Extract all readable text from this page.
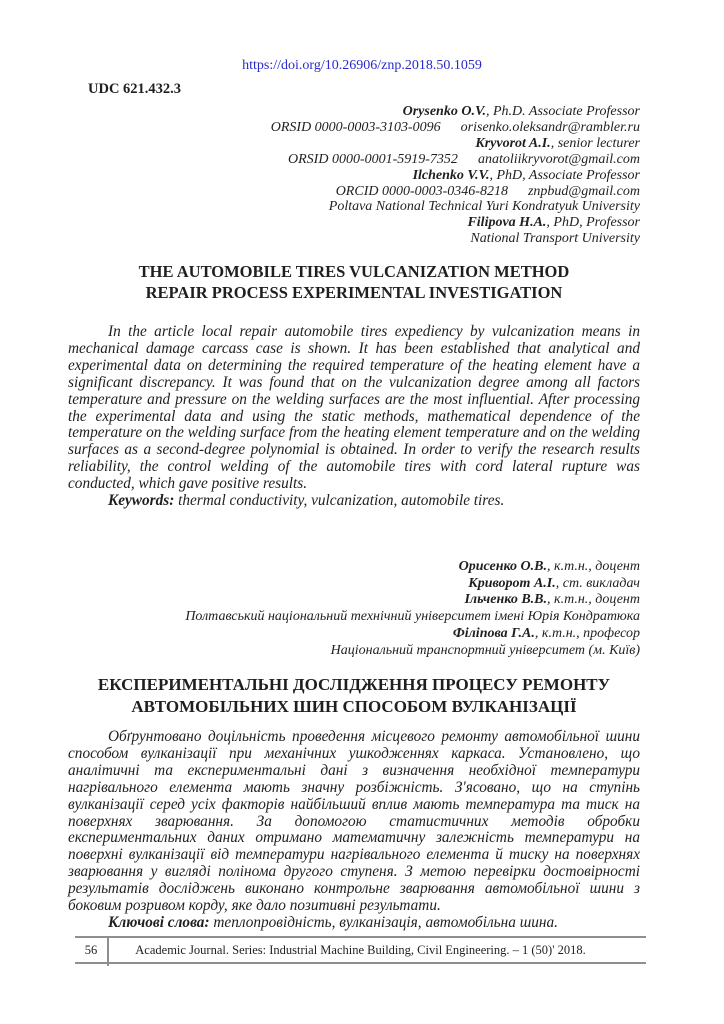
https://doi.org/10.26906/znp.2018.50.1059
UDC 621.432.3
Orysenko O.V., Ph.D. Associate Professor
ORSID 0000-0003-3103-0096 orisenko.oleksandr@rambler.ru
Kryvorot A.I., senior lecturer
ORSID 0000-0001-5919-7352 anatoliikryvorot@gmail.com
Ilchenko V.V., PhD, Associate Professor
ORCID 0000-0003-0346-8218 znpbud@gmail.com
Poltava National Technical Yuri Kondratyuk University
Filipova H.A., PhD, Professor
National Transport University
THE AUTOMOBILE TIRES VULCANIZATION METHOD
REPAIR PROCESS EXPERIMENTAL INVESTIGATION

In the article local repair automobile tires expediency by vulcanization means in mechanical damage carcass case is shown. It has been established that analytical and experimental data on determining the required temperature of the heating element have a significant discrepancy. It was found that on the vulcanization degree among all factors temperature and pressure on the welding surfaces are the most influential. After processing the experimental data and using the static methods, mathematical dependence of the temperature on the welding surface from the heating element temperature and on the welding surfaces as a second-degree polynomial is obtained. In order to verify the research results reliability, the control welding of the automobile tires with cord lateral rupture was conducted, which gave positive results.

Keywords: thermal conductivity, vulcanization, automobile tires.

Орисенко О.В., к.т.н., доцент
Криворот А.І., ст. викладач
Ільченко В.В., к.т.н., доцент
Полтавський національний технічний університет імені Юрія Кондратюка
Філіпова Г.А., к.т.н., професор
Національний транспортний університет (м. Київ)
ЕКСПЕРИМЕНТАЛЬНІ ДОСЛІДЖЕННЯ ПРОЦЕСУ РЕМОНТУ
АВТОМОБІЛЬНИХ ШИН СПОСОБОМ ВУЛКАНІЗАЦІЇ

Обґрунтовано доцільність проведення місцевого ремонту автомобільної шини способом вулканізації при механічних ушкодженнях каркаса. Установлено, що аналітичні та експериментальні дані з визначення необхідної температури нагрівального елемента мають значну розбіжність. З'ясовано, що на ступінь вулканізації серед усіх факторів найбільший вплив мають температура та тиск на поверхнях зварювання. За допомогою статистичних методів обробки експериментальних даних отримано математичну залежність температури на поверхні вулканізації від температури нагрівального елемента й тиску на поверхнях зварювання у вигляді полінома другого ступеня. З метою перевірки достовірності результатів досліджень виконано контрольне зварювання автомобільної шини з боковим розривом корду, яке дало позитивні результати.

Ключові слова: теплопровідність, вулканізація, автомобільна шина.

Academic Journal. Series: Industrial Machine Building, Civil Engineering. – 1 (50)' 2018.
56
